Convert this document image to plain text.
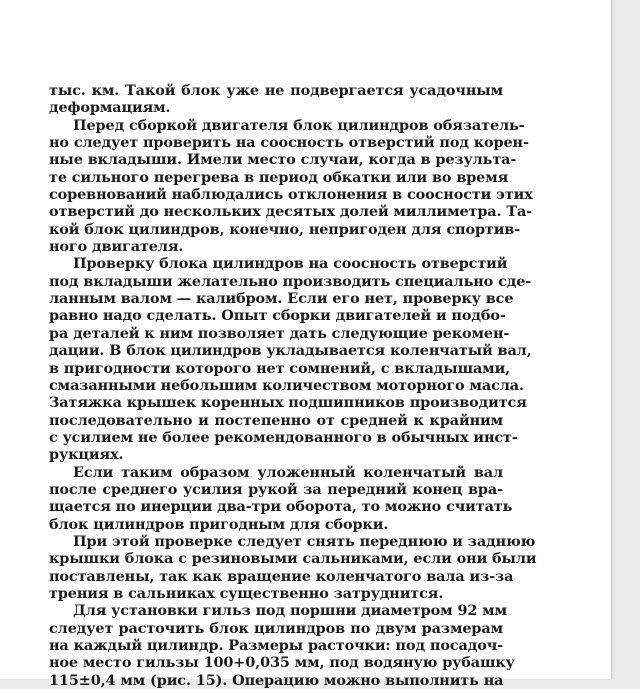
тыс. км. Такой блок уже не подвергается усадочным
деформациям.
Перед сборкой двигателя блок цилиндров обязатель-
но следует проверить на соосность отверстий под корен-
ные вкладыши. Имели место случаи, когда в результа-
те сильного перегрева в период обкатки или во время
соревнований наблюдались отклонения в соосности этих
отверстий до нескольких десятых долей миллиметра. Та-
кой блок цилиндров, конечно, непригоден для спортив-
ного двигателя.
Проверку блока цилиндров на соосность отверстий
под вкладыши желательно производить специально сде-
ланным валом — калибром. Если его нет, проверку все
равно надо сделать. Опыт сборки двигателей и подбо-
ра деталей к ним позволяет дать следующие рекомен-
дации. В блок цилиндров укладывается коленчатый вал,
в пригодности которого нет сомнений, с вкладышами,
смазанными небольшим количеством моторного масла.
Затяжка крышек коренных подшипников производится
последовательно и постепенно от средней к крайним
с усилием не более рекомендованного в обычных инст-
рукциях.
Если таким образом уложенный коленчатый вал
после среднего усилия рукой за передний конец вра-
щается по инерции два-три оборота, то можно считать
блок цилиндров пригодным для сборки.
При этой проверке следует снять переднюю и заднюю
крышки блока с резиновыми сальниками, если они были
поставлены, так как вращение коленчатого вала из-за
трения в сальниках существенно затруднится.
Для установки гильз под поршни диаметром 92 мм
следует расточить блок цилиндров по двум размерам
на каждый цилиндр. Размеры расточки: под посадоч-
ное место гильзы 100+0,035 мм, под водяную рубашку
115±0,4 мм (рис. 15). Операцию можно выполнить на
